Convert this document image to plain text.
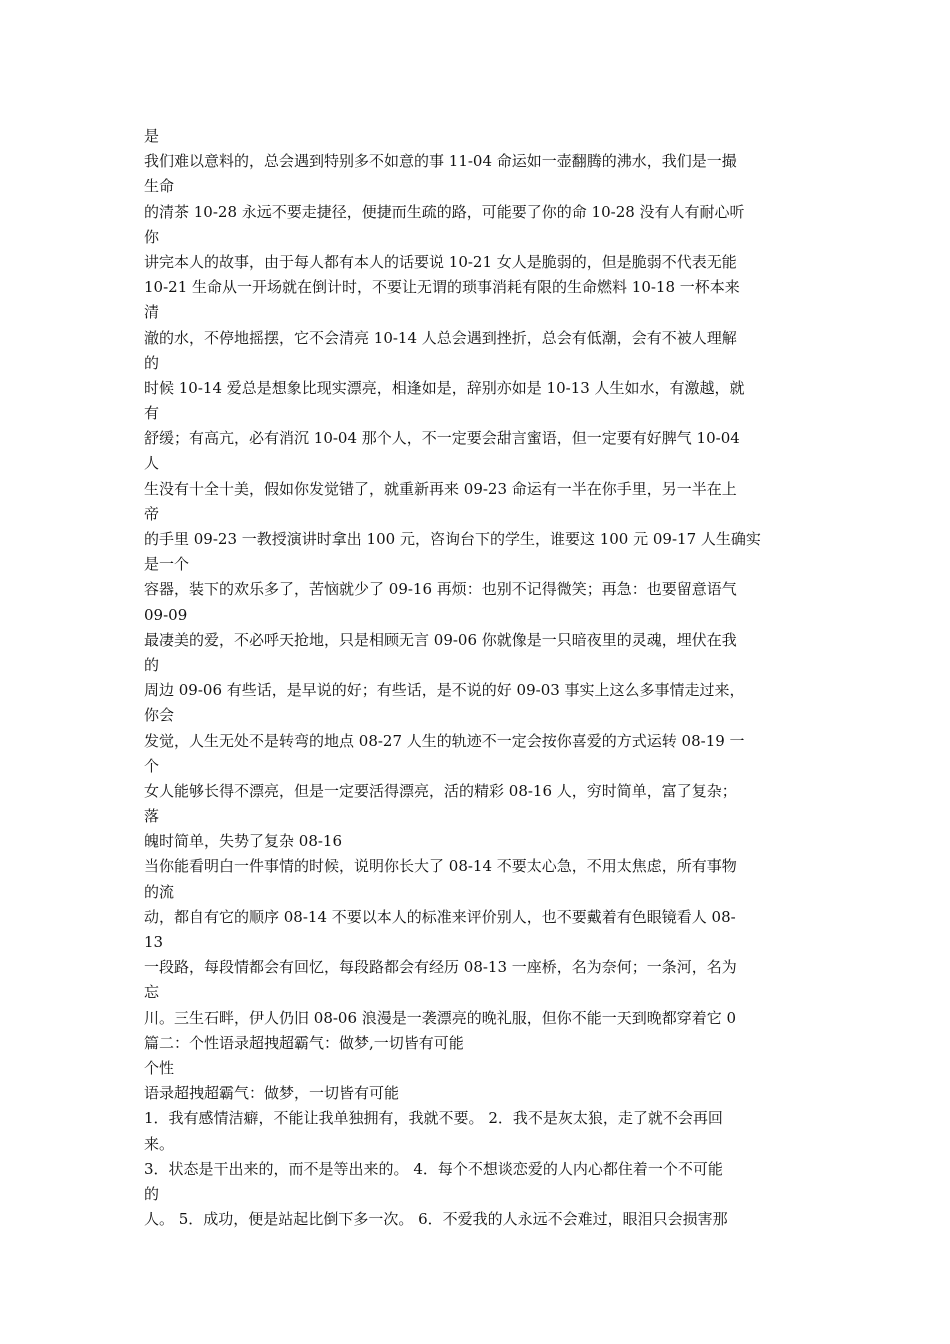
是
我们难以意料的，总会遇到特别多不如意的事 11-04 命运如一壶翻腾的沸水，我们是一撮
生命
的清茶 10-28 永远不要走捷径，便捷而生疏的路，可能要了你的命 10-28 没有人有耐心听
你
讲完本人的故事，由于每人都有本人的话要说 10-21 女人是脆弱的，但是脆弱不代表无能
10-21 生命从一开场就在倒计时，不要让无谓的琐事消耗有限的生命燃料 10-18 一杯本来
清
澈的水，不停地摇摆，它不会清亮 10-14 人总会遇到挫折，总会有低潮，会有不被人理解
的
时候 10-14 爱总是想象比现实漂亮，相逢如是，辞别亦如是 10-13 人生如水，有激越，就
有
舒缓；有高亢，必有消沉 10-04 那个人，不一定要会甜言蜜语，但一定要有好脾气 10-04
人
生没有十全十美，假如你发觉错了，就重新再来 09-23 命运有一半在你手里，另一半在上
帝
的手里 09-23 一教授演讲时拿出 100 元，咨询台下的学生，谁要这 100 元 09-17 人生确实
是一个
容器，装下的欢乐多了，苦恼就少了 09-16 再烦：也别不记得微笑；再急：也要留意语气
09-09
最凄美的爱，不必呼天抢地，只是相顾无言 09-06 你就像是一只暗夜里的灵魂，埋伏在我
的
周边 09-06 有些话，是早说的好；有些话，是不说的好 09-03 事实上这么多事情走过来，
你会
发觉，人生无处不是转弯的地点 08-27 人生的轨迹不一定会按你喜爱的方式运转 08-19 一
个
女人能够长得不漂亮，但是一定要活得漂亮，活的精彩 08-16 人，穷时简单，富了复杂；
落
魄时简单，失势了复杂 08-16
当你能看明白一件事情的时候，说明你长大了 08-14 不要太心急，不用太焦虑，所有事物
的流
动，都自有它的顺序 08-14 不要以本人的标准来评价别人，也不要戴着有色眼镜看人 08-
13
一段路，每段情都会有回忆，每段路都会有经历 08-13 一座桥，名为奈何；一条河，名为
忘
川。三生石畔，伊人仍旧 08-06 浪漫是一袭漂亮的晚礼服，但你不能一天到晚都穿着它 0
篇二：个性语录超拽超霸气：做梦,一切皆有可能
个性
语录超拽超霸气：做梦，一切皆有可能
1．我有感情洁癖，不能让我单独拥有，我就不要。 2．我不是灰太狼，走了就不会再回
来。
3．状态是干出来的，而不是等出来的。 4．每个不想谈恋爱的人内心都住着一个不可能
的
人。 5．成功，便是站起比倒下多一次。 6．不爱我的人永远不会难过，眼泪只会损害那
